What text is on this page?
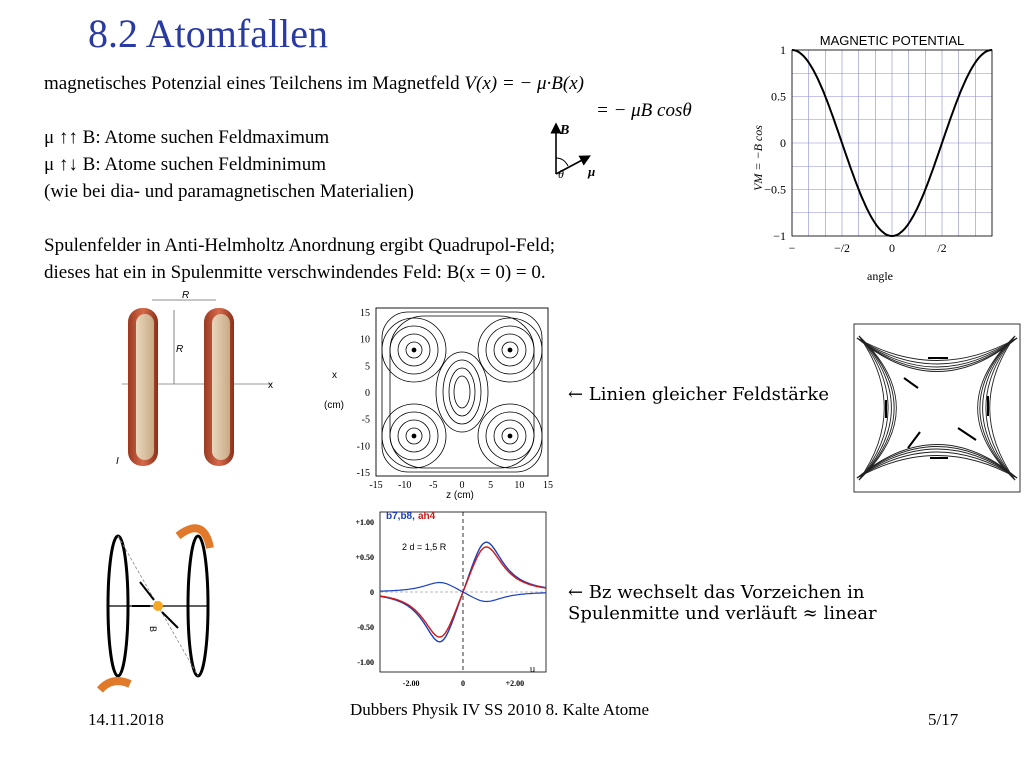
8.2 Atomfallen
magnetisches Potenzial eines Teilchens im Magnetfeld V(x) = − μ·B(x)
= − μB cosθ
μ ↑↑ B: Atome suchen Feldmaximum
μ ↑↓ B: Atome suchen Feldminimum
(wie bei dia- und paramagnetischen Materialien)
Spulenfelder in Anti-Helmholtz Anordnung ergibt Quadrupol-Feld;
dieses hat ein in Spulenmitte verschwindendes Feld: B(x = 0) = 0.
B
μ
θ
MAGNETIC POTENTIAL
1
0.5
0
−0.5
−1
−	−/2	0	/2
VM = −B cos
angle
R
R
x
I
15
10
5
0
-5
-10
-15
-15 -10 -5 0 5 10 15
x
(cm)
z (cm)
← Linien gleicher Feldstärke
b7,b8, ah4
2 d = 1,5 R
+1.00
+0.50
0
-0.50
-1.00
-2.00	0	+2.00
u
← Bz wechselt das Vorzeichen in
Spulenmitte und verläuft ≈ linear
B
14.11.2018
Dubbers Physik IV SS 2010 8. Kalte Atome
5/17
